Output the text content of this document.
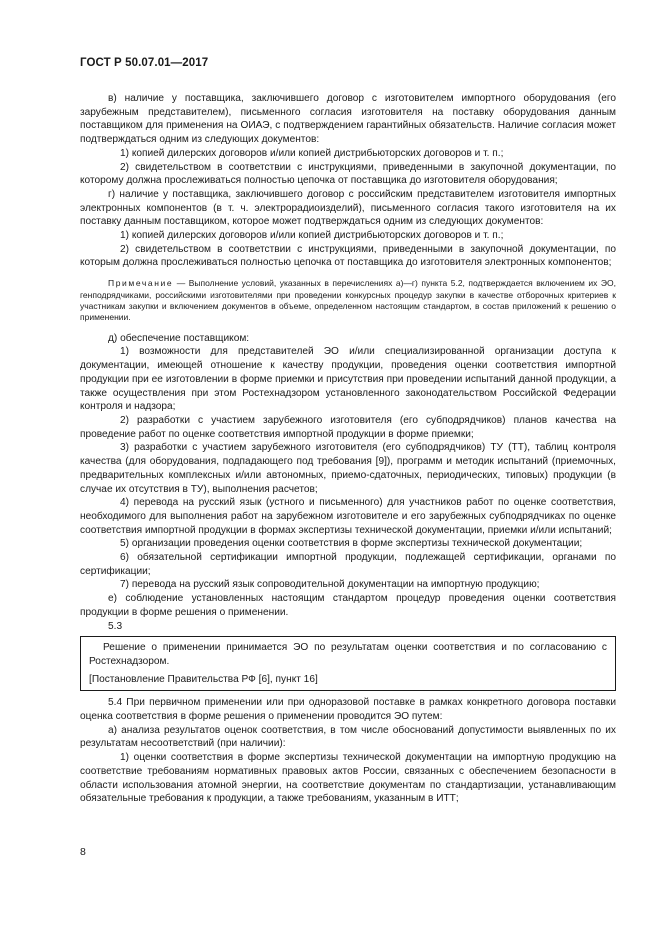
ГОСТ Р 50.07.01—2017

в) наличие у поставщика, заключившего договор с изготовителем импортного оборудования (его зарубежным представителем), письменного согласия изготовителя на поставку оборудования данным поставщиком для применения на ОИАЭ, с подтверждением гарантийных обязательств. Наличие согласия может подтверждаться одним из следующих документов:

1) копией дилерских договоров и/или копией дистрибьюторских договоров и т. п.;

2) свидетельством в соответствии с инструкциями, приведенными в закупочной документации, по которому должна прослеживаться полностью цепочка от поставщика до изготовителя оборудования;

г) наличие у поставщика, заключившего договор с российским представителем изготовителя импортных электронных компонентов (в т. ч. электрорадиоизделий), письменного согласия такого изготовителя на их поставку данным поставщиком, которое может подтверждаться одним из следующих документов:

1) копией дилерских договоров и/или копией дистрибьюторских договоров и т. п.;

2) свидетельством в соответствии с инструкциями, приведенными в закупочной документации, по которым должна прослеживаться полностью цепочка от поставщика до изготовителя электронных компонентов;

Примечание — Выполнение условий, указанных в перечислениях а)—г) пункта 5.2, подтверждается включением их ЭО, генподрядчиками, российскими изготовителями при проведении конкурсных процедур закупки в качестве отборочных критериев к участникам закупки и включением документов в объеме, определенном настоящим стандартом, в состав приложений к решению о применении.

д) обеспечение поставщиком:

1) возможности для представителей ЭО и/или специализированной организации доступа к документации, имеющей отношение к качеству продукции, проведения оценки соответствия импортной продукции при ее изготовлении в форме приемки и присутствия при проведении испытаний данной продукции, а также осуществления при этом Ростехнадзором установленного законодательством Российской Федерации контроля и надзора;

2) разработки с участием зарубежного изготовителя (его субподрядчиков) планов качества на проведение работ по оценке соответствия импортной продукции в форме приемки;

3) разработки с участием зарубежного изготовителя (его субподрядчиков) ТУ (ТТ), таблиц контроля качества (для оборудования, подпадающего под требования [9]), программ и методик испытаний (приемочных, предварительных комплексных и/или автономных, приемо-сдаточных, периодических, типовых) продукции (в случае их отсутствия в ТУ), выполнения расчетов;

4) перевода на русский язык (устного и письменного) для участников работ по оценке соответствия, необходимого для выполнения работ на зарубежном изготовителе и его зарубежных субподрядчиках по оценке соответствия импортной продукции в формах экспертизы технической документации, приемки и/или испытаний;

5) организации проведения оценки соответствия в форме экспертизы технической документации;

6) обязательной сертификации импортной продукции, подлежащей сертификации, органами по сертификации;

7) перевода на русский язык сопроводительной документации на импортную продукцию;

е) соблюдение установленных настоящим стандартом процедур проведения оценки соответствия продукции в форме решения о применении.

5.3

Решение о применении принимается ЭО по результатам оценки соответствия и по согласованию с Ростехнадзором.

[Постановление Правительства РФ [6], пункт 16]

5.4 При первичном применении или при одноразовой поставке в рамках конкретного договора поставки оценка соответствия в форме решения о применении проводится ЭО путем:

а) анализа результатов оценок соответствия, в том числе обоснований допустимости выявленных по их результатам несоответствий (при наличии):

1) оценки соответствия в форме экспертизы технической документации на импортную продукцию на соответствие требованиям нормативных правовых актов России, связанных с обеспечением безопасности в области использования атомной энергии, на соответствие документам по стандартизации, устанавливающим обязательные требования к продукции, а также требованиям, указанным в ИТТ;

8
